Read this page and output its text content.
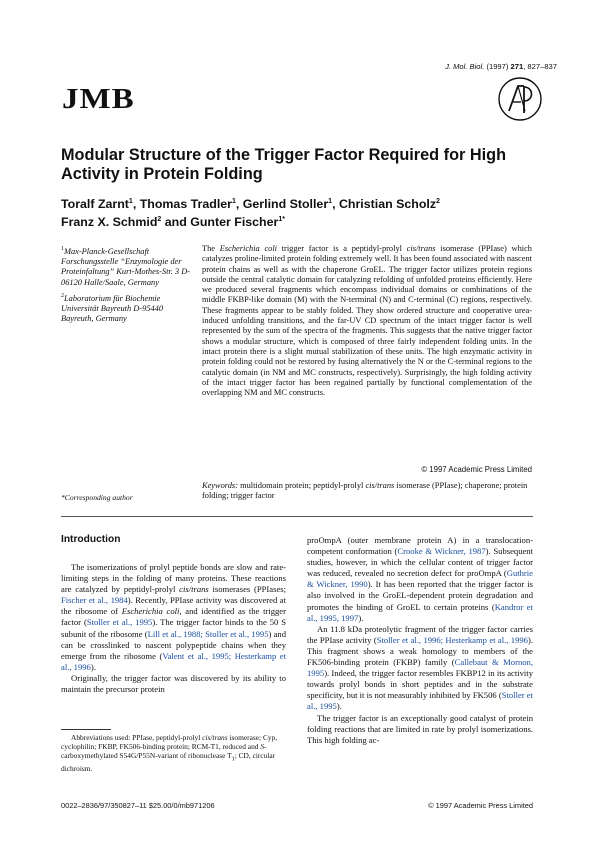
J. Mol. Biol. (1997) 271, 827–837
JMB
Modular Structure of the Trigger Factor Required for High Activity in Protein Folding
Toralf Zarnt$^1$, Thomas Tradler$^1$, Gerlind Stoller$^1$, Christian Scholz$^2$
Franz X. Schmid$^2$ and Gunter Fischer$^{1*}$

$^1$Max-Planck-Gesellschaft Forschungsstelle “Enzymologie der Proteinfaltung” Kurt-Mothes-Str. 3 D-06120 Halle/Saale, Germany

$^2$Laboratorium für Biochemie Universität Bayreuth D-95440 Bayreuth, Germany

*Corresponding author
The Escherichia coli trigger factor is a peptidyl-prolyl cis/trans isomerase (PPIase) which catalyzes proline-limited protein folding extremely well. It has been found associated with nascent protein chains as well as with the chaperone GroEL. The trigger factor utilizes protein regions outside the central catalytic domain for catalyzing refolding of unfolded proteins efficiently. Here we produced several fragments which encompass individual domains or combinations of the middle FKBP-like domain (M) with the N-terminal (N) and C-terminal (C) regions, respectively. These fragments appear to be stably folded. They show ordered structure and cooperative urea-induced unfolding transitions, and the far-UV CD spectrum of the intact trigger factor is well represented by the sum of the spectra of the fragments. This suggests that the native trigger factor shows a modular structure, which is composed of three fairly independent folding units. In the intact protein there is a slight mutual stabilization of these units. The high enzymatic activity in protein folding could not be restored by fusing alternatively the N or the C-terminal regions to the catalytic domain (in NM and MC constructs, respectively). Surprisingly, the high folding activity of the intact trigger factor has been regained partially by functional complementation of the overlapping NM and MC constructs.
© 1997 Academic Press Limited
Keywords: multidomain protein; peptidyl-prolyl cis/trans isomerase (PPIase); chaperone; protein folding; trigger factor
Introduction

The isomerizations of prolyl peptide bonds are slow and rate-limiting steps in the folding of many proteins. These reactions are catalyzed by peptidyl-prolyl cis/trans isomerases (PPIases; Fischer et al., 1984). Recently, PPIase activity was discovered at the ribosome of Escherichia coli, and identified as the trigger factor (Stoller et al., 1995). The trigger factor binds to the 50 S subunit of the ribosome (Lill et al., 1988; Stoller et al., 1995) and can be crosslinked to nascent polypeptide chains when they emerge from the ribosome (Valent et al., 1995; Hesterkamp et al., 1996).

Originally, the trigger factor was discovered by its ability to maintain the precursor protein

proOmpA (outer membrane protein A) in a translocation-competent conformation (Crooke & Wickner, 1987). Subsequent studies, however, in which the cellular content of trigger factor was reduced, revealed no secretion defect for proOmpA (Guthrie & Wickner, 1990). It has been reported that the trigger factor is also involved in the GroEL-dependent protein degradation and promotes the binding of GroEL to certain proteins (Kandror et al., 1995, 1997).

An 11.8 kDa proteolytic fragment of the trigger factor carries the PPIase activity (Stoller et al., 1996; Hesterkamp et al., 1996). This fragment shows a weak homology to members of the FK506-binding protein (FKBP) family (Callebaut & Mornon, 1995). Indeed, the trigger factor resembles FKBP12 in its activity towards prolyl bonds in short peptides and in the substrate specificity, but it is not measurably inhibited by FK506 (Stoller et al., 1995).

The trigger factor is an exceptionally good catalyst of protein folding reactions that are limited in rate by prolyl isomerizations. This high folding ac-

Abbreviations used: PPIase, peptidyl-prolyl cis/trans isomerase; Cyp, cyclophilin; FKBP, FK506-binding protein; RCM-T1, reduced and S-carboxymethylated S54G/P55N-variant of ribonuclease $T_1$; CD, circular dichroism.

0022–2836/97/350827–11 $25.00/0/mb971206	© 1997 Academic Press Limited
